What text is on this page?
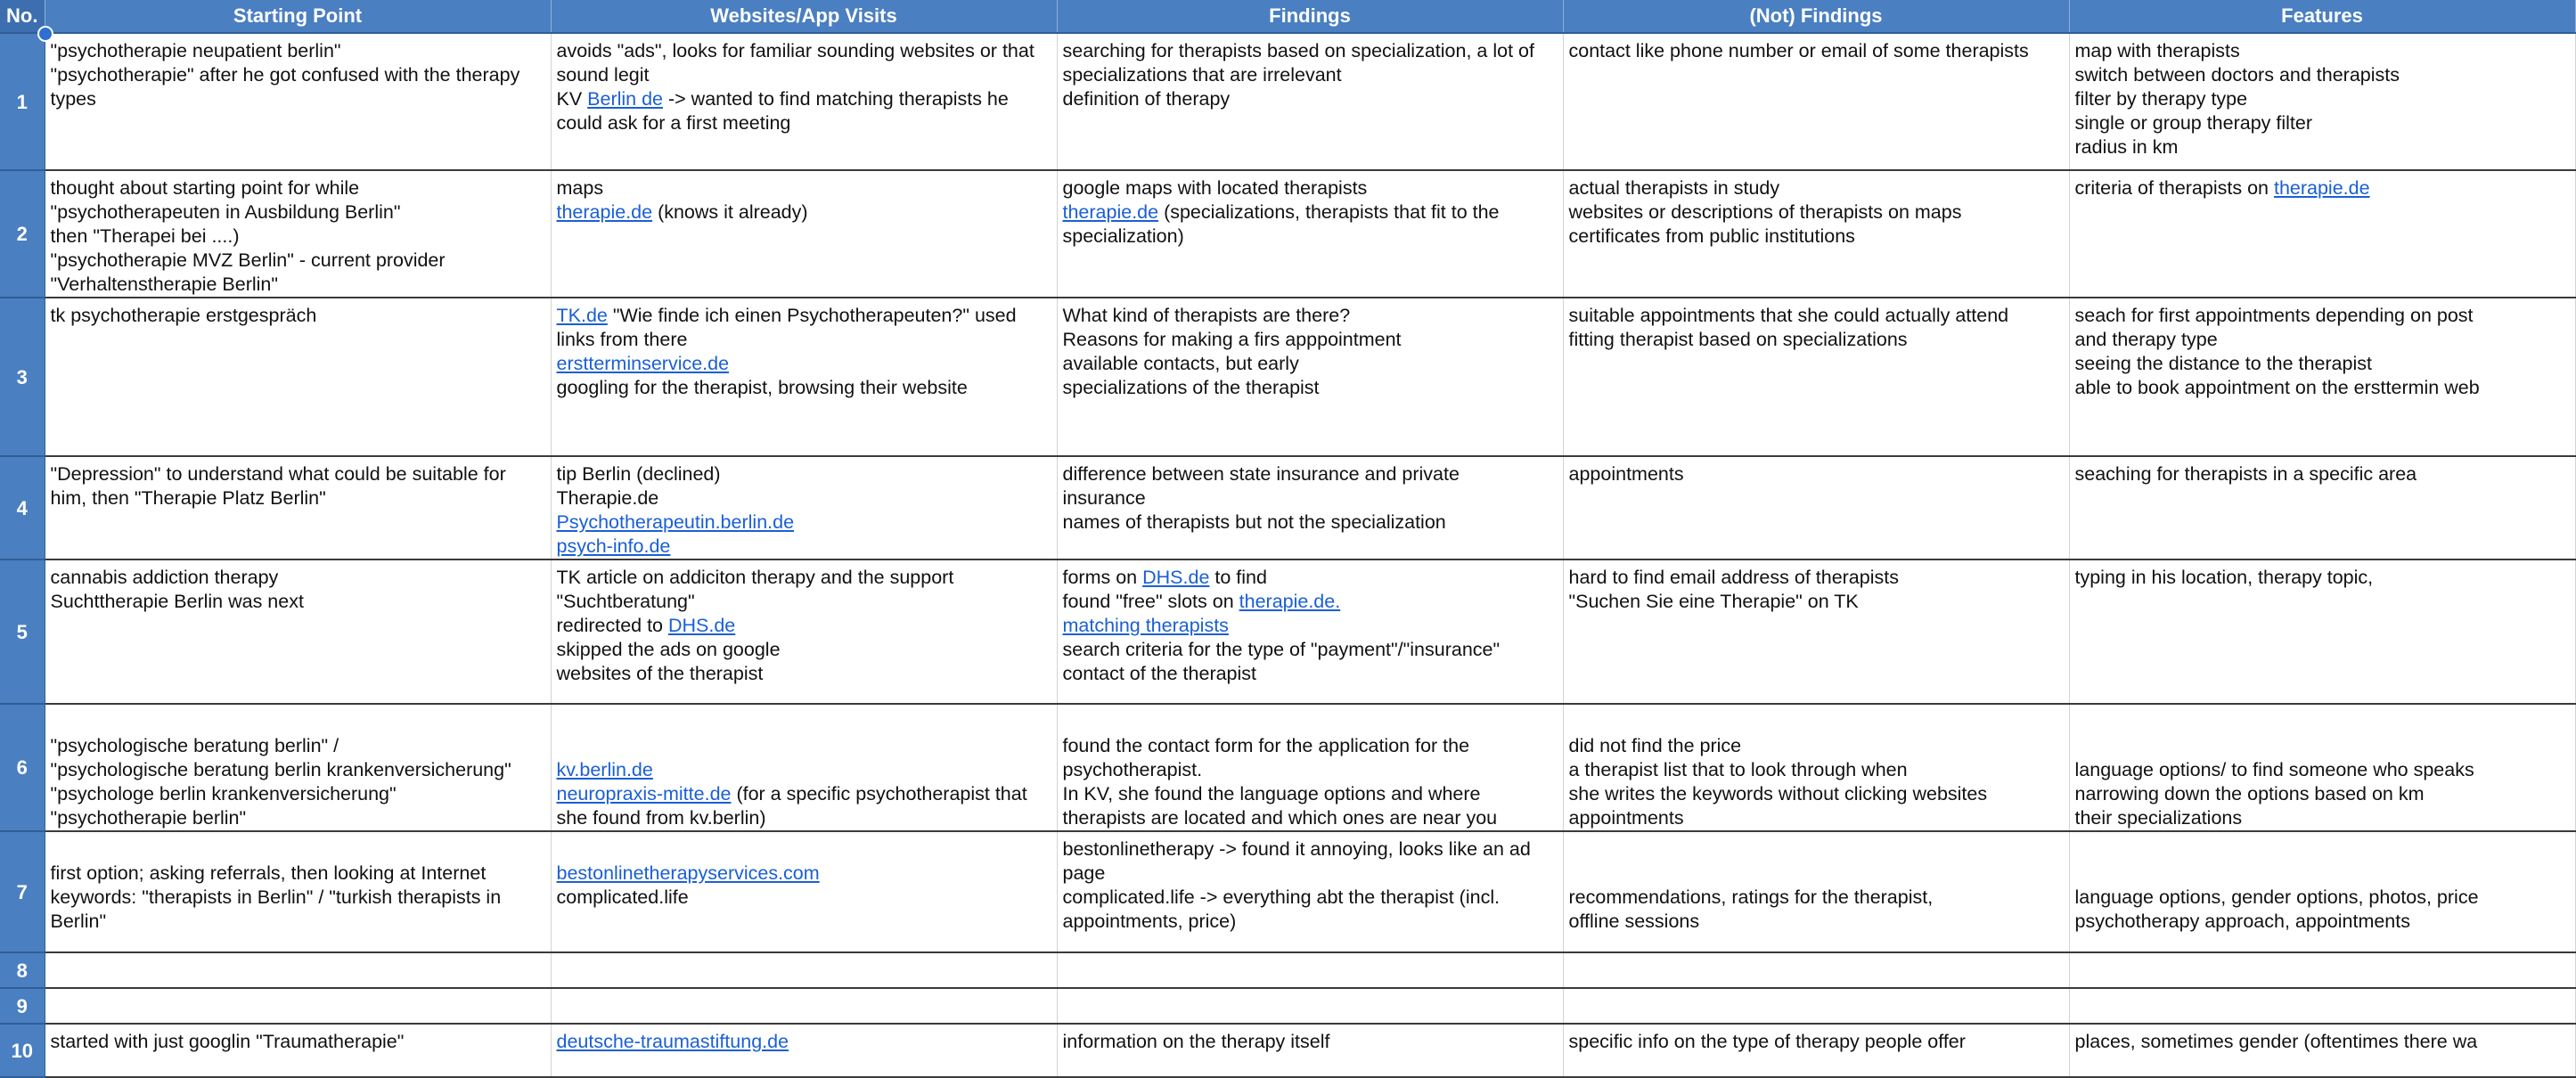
No.	Starting Point	Websites/App Visits	Findings	(Not) Findings	Features
1	"psychotherapie neupatient berlin"
"psychotherapie" after he got confused with the therapy
types	avoids "ads", looks for familiar sounding websites or that
sound legit
KV Berlin de -> wanted to find matching therapists he
could ask for a first meeting	searching for therapists based on specialization, a lot of
specializations that are irrelevant
definition of therapy	contact like phone number or email of some therapists	map with therapists
switch between doctors and therapists
filter by therapy type
single or group therapy filter
radius in km

2	thought about starting point for while
"psychotherapeuten in Ausbildung Berlin"
then "Therapei bei ....)
"psychotherapie MVZ Berlin" - current provider
"Verhaltenstherapie Berlin"	maps
therapie.de (knows it already)	google maps with located therapists
therapie.de (specializations, therapists that fit to the
specialization)	actual therapists in study
websites or descriptions of therapists on maps
certificates from public institutions	criteria of therapists on therapie.de

3	tk psychotherapie erstgespräch	TK.de "Wie finde ich einen Psychotherapeuten?" used
links from there
erstterminservice.de
googling for the therapist, browsing their website	What kind of therapists are there?
Reasons for making a firs apppointment
available contacts, but early
specializations of the therapist	suitable appointments that she could actually attend
fitting therapist based on specializations	seach for first appointments depending on post
and therapy type
seeing the distance to the therapist
able to book appointment on the ersttermin web

4	"Depression" to understand what could be suitable for
him, then "Therapie Platz Berlin"	tip Berlin (declined)
Therapie.de
Psychotherapeutin.berlin.de
psych-info.de	difference between state insurance and private
insurance
names of therapists but not the specialization	appointments	seaching for therapists in a specific area

5	cannabis addiction therapy
Suchttherapie Berlin was next	TK article on addiciton therapy and the support
"Suchtberatung"
redirected to DHS.de
skipped the ads on google
websites of the therapist	forms on DHS.de to find
found "free" slots on therapie.de.
matching therapists
search criteria for the type of "payment"/"insurance"
contact of the therapist	hard to find email address of therapists
"Suchen Sie eine Therapie" on TK	typing in his location, therapy topic,

6	"psychologische beratung berlin" /
"psychologische beratung berlin krankenversicherung"
"psychologe berlin krankenversicherung"
"psychotherapie berlin"	kv.berlin.de
neuropraxis-mitte.de (for a specific psychotherapist that
she found from kv.berlin)	found the contact form for the application for the
psychotherapist.
In KV, she found the language options and where
therapists are located and which ones are near you	did not find the price
a therapist list that to look through when
she writes the keywords without clicking websites
appointments	language options/ to find someone who speaks
narrowing down the options based on km
their specializations

7	first option; asking referrals, then looking at Internet
keywords: "therapists in Berlin" / "turkish therapists in
Berlin"	bestonlinetherapyservices.com
complicated.life	bestonlinetherapy -> found it annoying, looks like an ad
page
complicated.life -> everything abt the therapist (incl.
appointments, price)	recommendations, ratings for the therapist,
offline sessions	language options, gender options, photos, price
psychotherapy approach, appointments

8					
9					
10	started with just googlin "Traumatherapie"	deutsche-traumastiftung.de	information on the therapy itself	specific info on the type of therapy people offer	places, sometimes gender (oftentimes there wa
